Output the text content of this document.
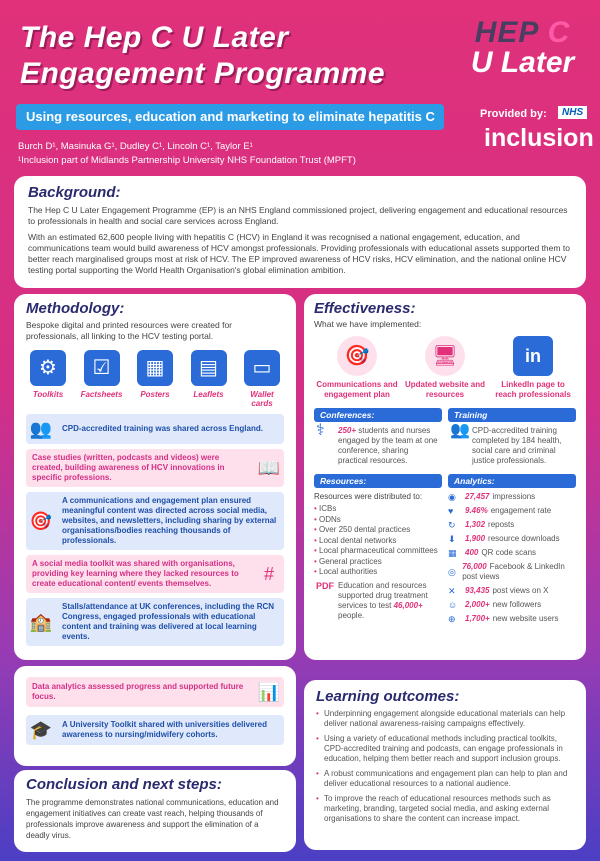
The Hep C U Later
Engagement Programme
HEP C
U Later
Using resources, education and marketing to eliminate hepatitis C	Provided by:	NHS
inclusion
Burch D¹, Masinuka G¹, Dudley C¹, Lincoln C¹, Taylor E¹
¹Inclusion part of Midlands Partnership University NHS Foundation Trust (MPFT)
Background:

The Hep C U Later Engagement Programme (EP) is an NHS England commissioned project, delivering engagement and educational resources to professionals in health and social care services across England.

With an estimated 62,600 people living with hepatitis C (HCV) in England it was recognised a national engagement, education, and communications team would build awareness of HCV amongst professionals. Providing professionals with educational assets supported them to better reach marginalised groups most at risk of HCV. The EP improved awareness of HCV risks, HCV elimination, and the national online HCV testing portal supporting the World Health Organisation's global elimination ambition.

Methodology:

Bespoke digital and printed resources were created for professionals, all linking to the HCV testing portal.

⚙
Toolkits
☑
Factsheets
▦
Posters
▤
Leaflets
▭
Wallet cards
👥	CPD-accredited training was shared across England.
Case studies (written, podcasts and videos) were created, building awareness of HCV innovations in specific professions.	📖
🎯
A communications and engagement plan ensured meaningful content was directed across social media, websites, and newsletters, including sharing by external organisations/bodies reaching thousands of professionals.
A social media toolkit was shared with organisations, providing key learning where they lacked resources to create educational content/ events themselves.	#
🏫
Stalls/attendance at UK conferences, including the RCN Congress, engaged professionals with educational content and training was delivered at local learning events.
Effectiveness:

What we have implemented:

🎯
Communications and engagement plan
🖥
Updated website and resources
in
LinkedIn page to reach professionals
Conferences:
⚕	250+ students and nurses engaged by the team at one conference, sharing practical resources.
Training
👥 CPD-accredited training completed by 184 health, social care and criminal justice professionals.
Resources:
Resources were distributed to:
• ICBs
• ODNs
• Over 250 dental practices
• Local dental networks
• Local pharmaceutical committees
• General practices
• Local authorities
PDF Education and resources supported drug treatment services to test 46,000+ people.
Analytics:
◉	27,457 impressions
♥	9.46% engagement rate
↻	1,302 reposts
⬇	1,900 resource downloads
▦	400 QR code scans
◎
76,000 Facebook & LinkedIn post views
✕	93,435 post views on X
☺ 2,000+ new followers
⊕	1,700+ new website users
Data analytics assessed progress and supported future focus.	📊
🎓	A University Toolkit shared with universities delivered awareness to nursing/midwifery cohorts.
Learning outcomes:
• Underpinning engagement alongside educational materials can help deliver national awareness-raising campaigns effectively.
• Using a variety of educational methods including practical toolkits, CPD-accredited training and podcasts, can engage professionals in education, helping them better reach and support inclusion groups.
• A robust communications and engagement plan can help to plan and deliver educational resources to a national audience.
• To improve the reach of educational resources methods such as marketing, branding, targeted social media, and asking external organisations to share the content can increase impact.
Conclusion and next steps:

The programme demonstrates national communications, education and engagement initiatives can create vast reach, helping thousands of professionals improve awareness and support the elimination of a deadly virus.
